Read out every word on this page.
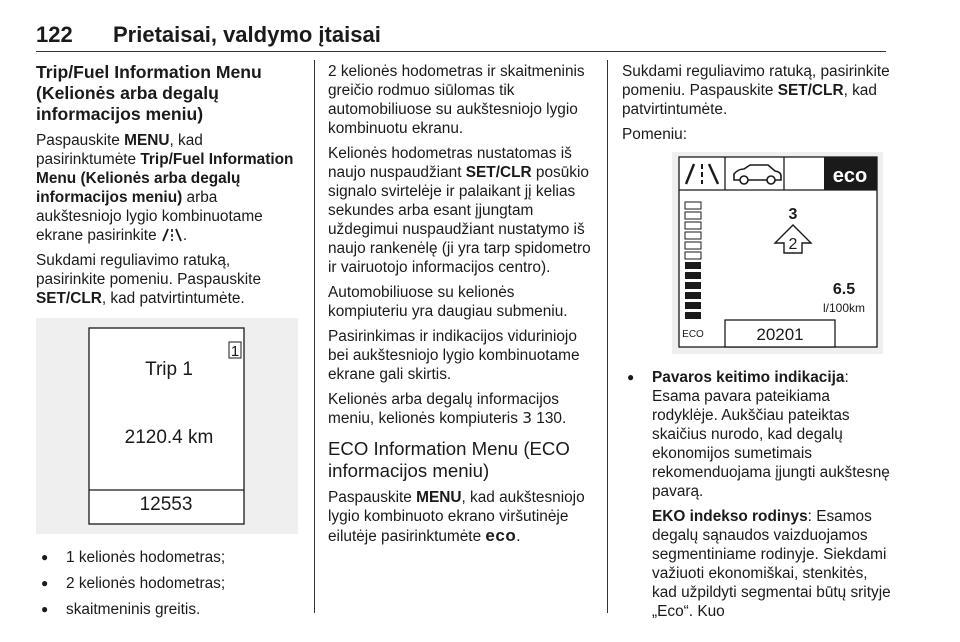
122 Prietaisai, valdymo įtaisai
Trip/Fuel Information Menu (Kelionės arba degalų informacijos meniu)

Paspauskite MENU, kad pasirinktumėte Trip/Fuel Information Menu (Kelionės arba degalų informacijos meniu) arba aukštesniojo lygio kombinuotame ekrane pasirinkite .

Sukdami reguliavimo ratuką, pasirinkite pomeniu. Paspauskite SET/CLR, kad patvirtintumėte.

1
Trip 1
2120.4 km
12553
● 1 kelionės hodometras;
● 2 kelionės hodometras;
● skaitmeninis greitis.

2 kelionės hodometras ir skaitmeninis greičio rodmuo siūlomas tik automobiliuose su aukštesniojo lygio kombinuotu ekranu.

Kelionės hodometras nustatomas iš naujo nuspaudžiant SET/CLR posūkio signalo svirtelėje ir palaikant jį kelias sekundes arba esant įjungtam uždegimui nuspaudžiant nustatymo iš naujo rankenėlę (ji yra tarp spidometro ir vairuotojo informacijos centro).

Automobiliuose su kelionės kompiuteriu yra daugiau submeniu.

Pasirinkimas ir indikacijos vidurinioјо bei aukštesniojo lygio kombinuotame ekrane gali skirtis.

Kelionės arba degalų informacijos meniu, kelionės kompiuteris 3 130.

ECO Information Menu (ECO informacijos meniu)

Paspauskite MENU, kad aukštesniojo lygio kombinuoto ekrano viršutinėje eilutėje pasirinktumėte eco.

Sukdami reguliavimo ratuką, pasirinkite pomeniu. Paspauskite SET/CLR, kad patvirtintumėte.

Pomeniu:

eco
ECO
3
2
6.5
l/100km
20201
● Pavaros keitimo indikacija: Esama pavara pateikiama rodyklėje. Aukščiau pateiktas skaičius nurodo, kad degalų ekonomijos sumetimais rekomenduojama įjungti aukštesnę pavarą.
EKO indekso rodinys: Esamos degalų sąnaudos vaizduojamos segmentiniame rodinyje. Siekdami važiuoti ekonomiškai, stenkitės, kad užpildyti segmentai būtų srityje „Eco“. Kuo
